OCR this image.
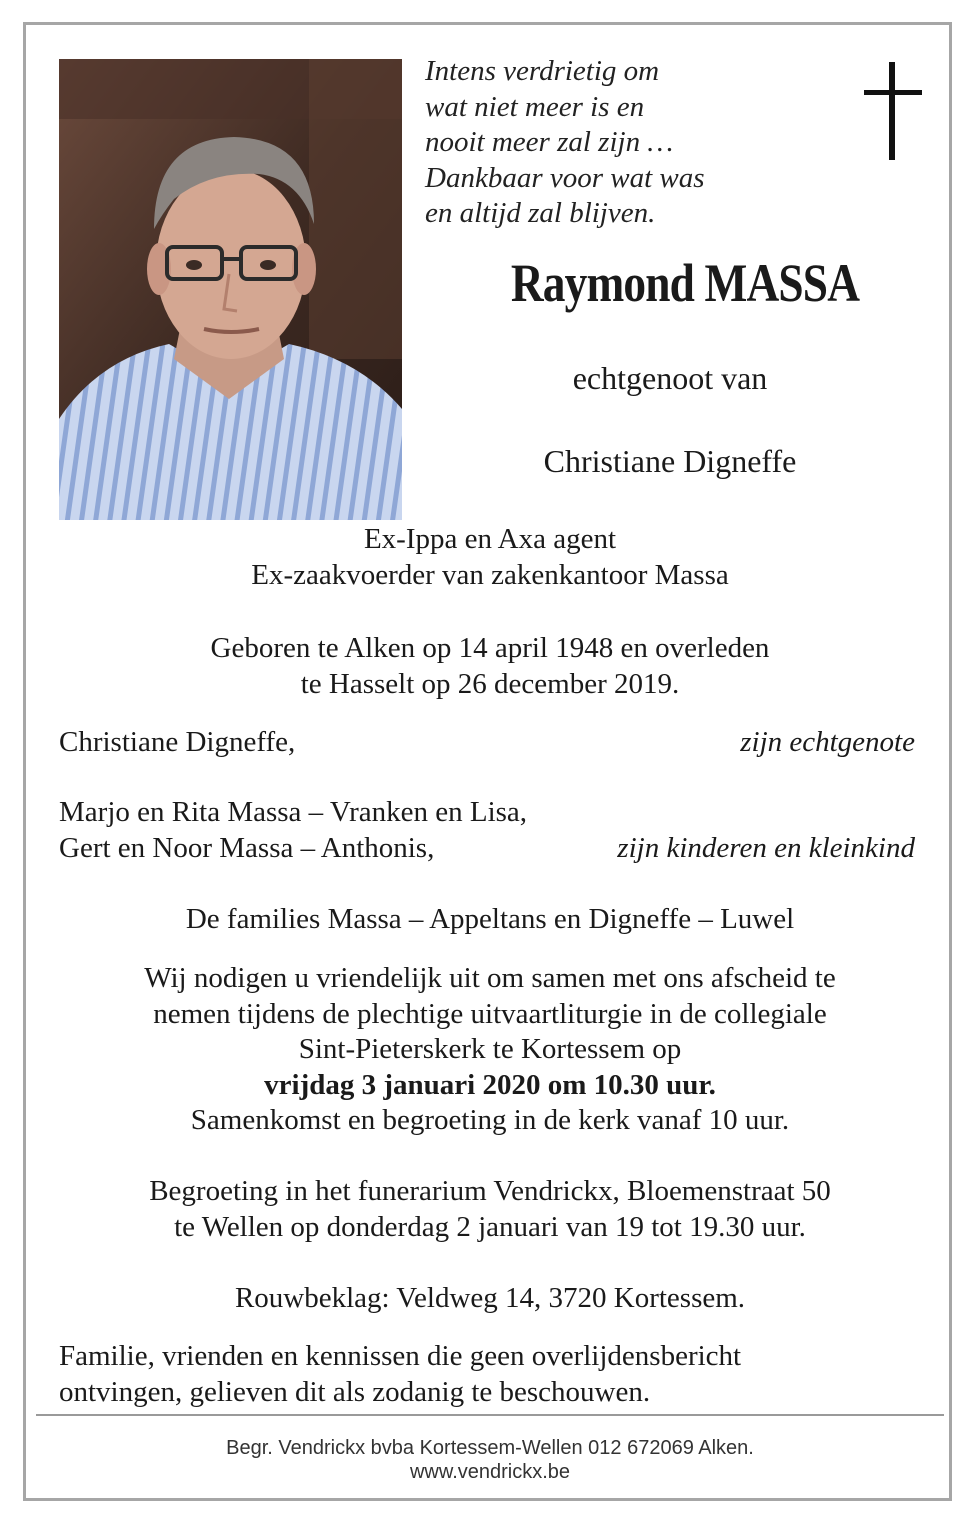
Intens verdrietig om
wat niet meer is en
nooit meer zal zijn …
Dankbaar voor wat was
en altijd zal blijven.
Raymond MASSA
echtgenoot van
Christiane Digneffe
Ex-Ippa en Axa agent
Ex-zaakvoerder van zakenkantoor Massa
Geboren te Alken op 14 april 1948 en overleden
te Hasselt op 26 december 2019.
Christiane Digneffe,	zijn echtgenote
Marjo en Rita Massa – Vranken en Lisa,
Gert en Noor Massa – Anthonis,	zijn kinderen en kleinkind
De families Massa – Appeltans en Digneffe – Luwel
Wij nodigen u vriendelijk uit om samen met ons afscheid te
nemen tijdens de plechtige uitvaartliturgie in de collegiale
Sint-Pieterskerk te Kortessem op
vrijdag 3 januari 2020 om 10.30 uur.
Samenkomst en begroeting in de kerk vanaf 10 uur.
Begroeting in het funerarium Vendrickx, Bloemenstraat 50
te Wellen op donderdag 2 januari van 19 tot 19.30 uur.
Rouwbeklag: Veldweg 14, 3720 Kortessem.
Familie, vrienden en kennissen die geen overlijdensbericht
ontvingen, gelieven dit als zodanig te beschouwen.
Begr. Vendrickx bvba Kortessem-Wellen 012 672069 Alken.
www.vendrickx.be
